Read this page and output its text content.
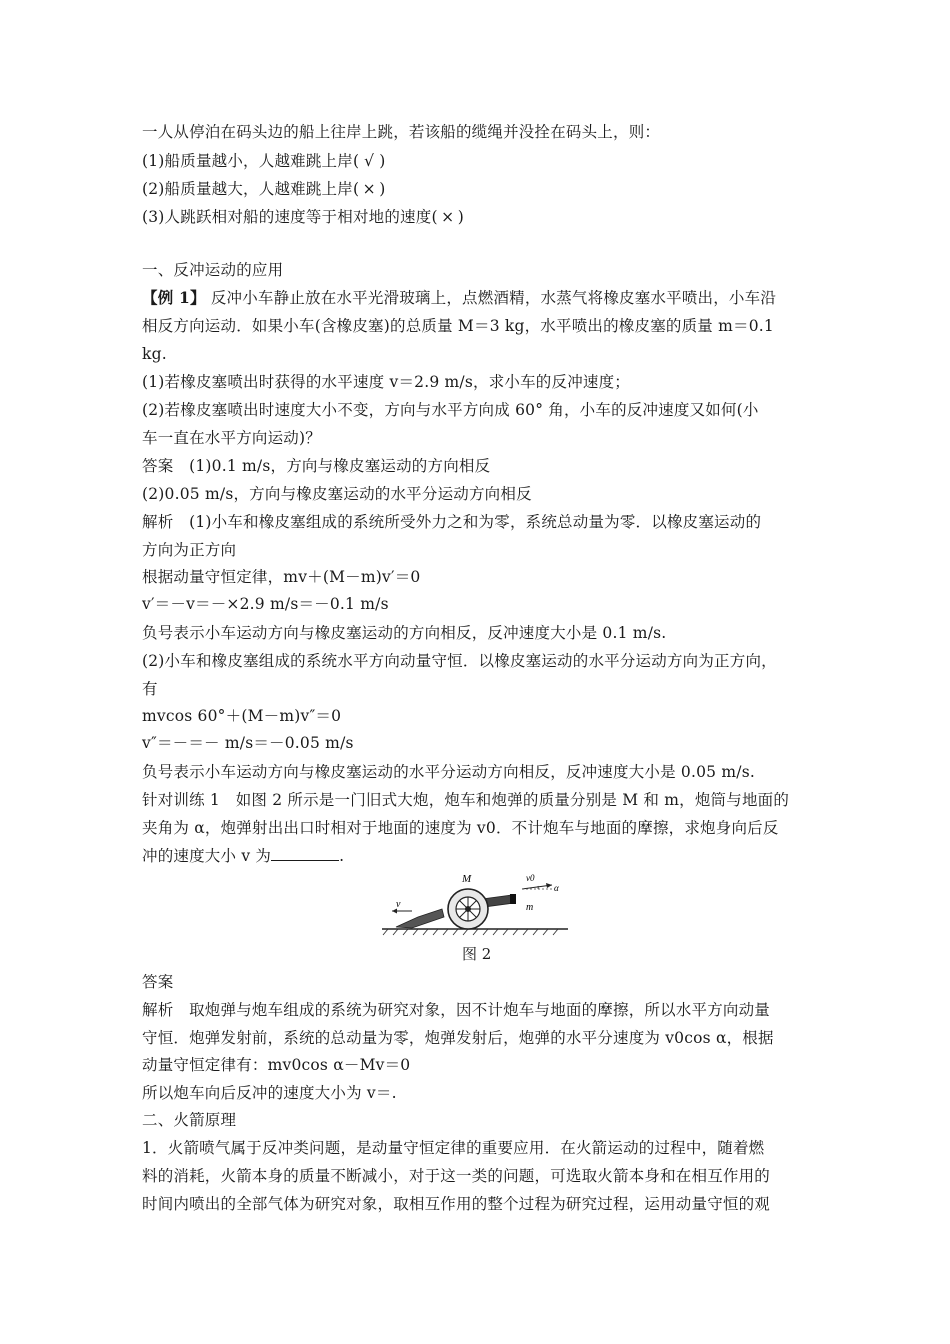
一人从停泊在码头边的船上往岸上跳，若该船的缆绳并没拴在码头上，则：
(1)船质量越小，人越难跳上岸( √ )
(2)船质量越大，人越难跳上岸( × )
(3)人跳跃相对船的速度等于相对地的速度( × )
一、反冲运动的应用
【例 1】 反冲小车静止放在水平光滑玻璃上，点燃酒精，水蒸气将橡皮塞水平喷出，小车沿
相反方向运动．如果小车(含橡皮塞)的总质量 M＝3 kg，水平喷出的橡皮塞的质量 m＝0.1
kg.
(1)若橡皮塞喷出时获得的水平速度 v＝2.9 m/s，求小车的反冲速度；
(2)若橡皮塞喷出时速度大小不变，方向与水平方向成 60° 角，小车的反冲速度又如何(小
车一直在水平方向运动)？
答案　(1)0.1 m/s，方向与橡皮塞运动的方向相反
(2)0.05 m/s，方向与橡皮塞运动的水平分运动方向相反
解析　(1)小车和橡皮塞组成的系统所受外力之和为零，系统总动量为零．以橡皮塞运动的
方向为正方向
根据动量守恒定律，mv＋(M－m)v′＝0
v′＝－v＝－×2.9 m/s＝－0.1 m/s
负号表示小车运动方向与橡皮塞运动的方向相反，反冲速度大小是 0.1 m/s.
(2)小车和橡皮塞组成的系统水平方向动量守恒．以橡皮塞运动的水平分运动方向为正方向，
有
mvcos 60°＋(M－m)v″＝0
v″＝－＝－ m/s＝－0.05 m/s
负号表示小车运动方向与橡皮塞运动的水平分运动方向相反，反冲速度大小是 0.05 m/s.
针对训练 1　如图 2 所示是一门旧式大炮，炮车和炮弹的质量分别是 M 和 m，炮筒与地面的
夹角为 α，炮弹射出出口时相对于地面的速度为 v0．不计炮车与地面的摩擦，求炮身向后反
冲的速度大小 v 为	.
M
m
v
v0
α
图 2
答案
解析　取炮弹与炮车组成的系统为研究对象，因不计炮车与地面的摩擦，所以水平方向动量
守恒．炮弹发射前，系统的总动量为零，炮弹发射后，炮弹的水平分速度为 v0cos α，根据
动量守恒定律有：mv0cos α－Mv＝0
所以炮车向后反冲的速度大小为 v＝.
二、火箭原理
1．火箭喷气属于反冲类问题，是动量守恒定律的重要应用．在火箭运动的过程中，随着燃
料的消耗，火箭本身的质量不断减小，对于这一类的问题，可选取火箭本身和在相互作用的
时间内喷出的全部气体为研究对象，取相互作用的整个过程为研究过程，运用动量守恒的观
